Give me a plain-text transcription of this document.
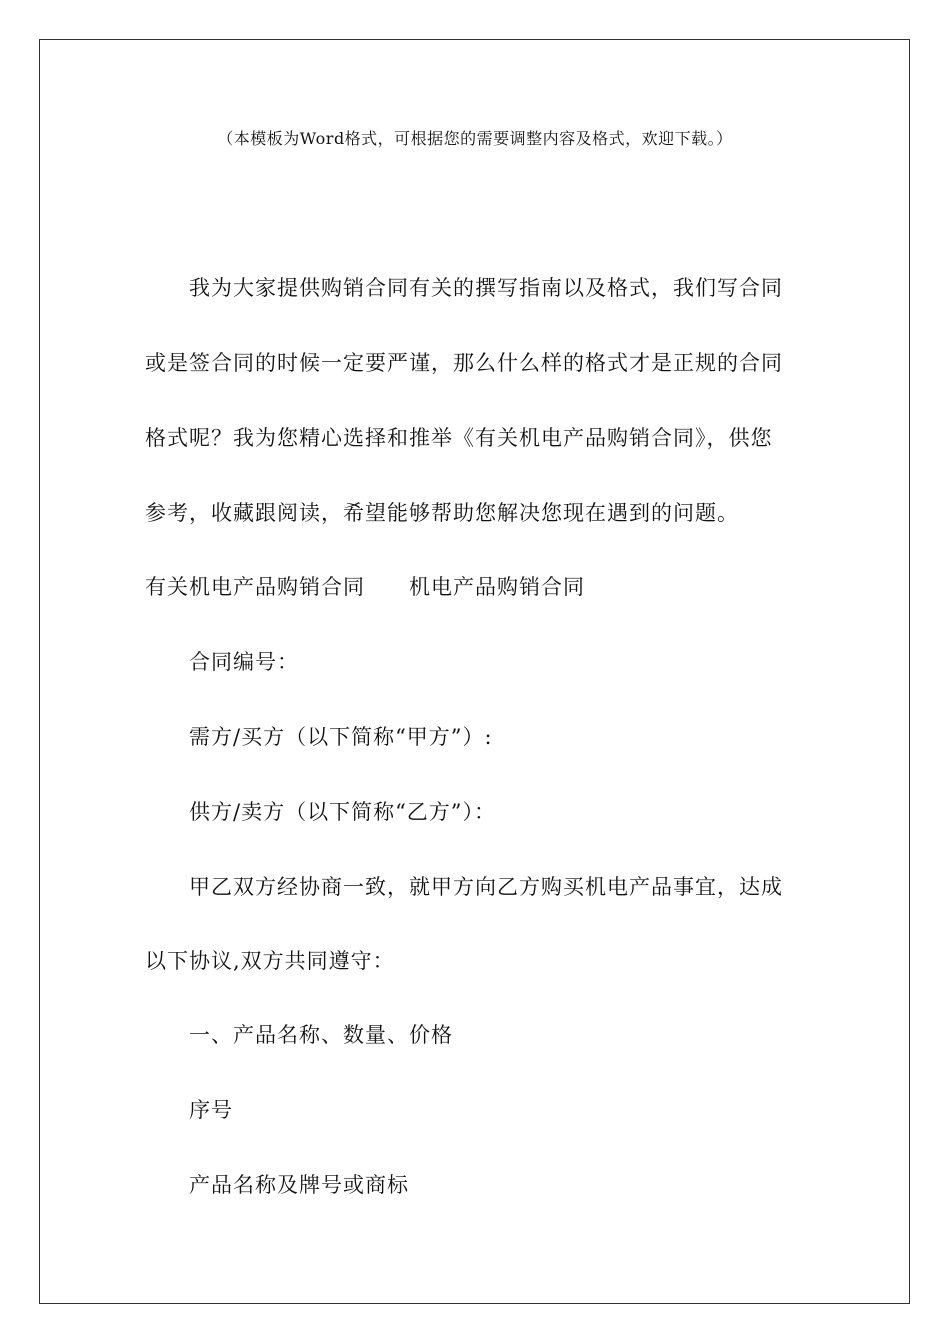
（本模板为Word格式，可根据您的需要调整内容及格式，欢迎下载。）
我为大家提供购销合同有关的撰写指南以及格式，我们写合同
或是签合同的时候一定要严谨，那么什么样的格式才是正规的合同
格式呢？我为您精心选择和推举《有关机电产品购销合同》，供您
参考，收藏跟阅读，希望能够帮助您解决您现在遇到的问题。
有关机电产品购销合同　　机电产品购销合同
合同编号：
需方/买方（以下简称“甲方”）:
供方/卖方（以下简称“乙方”）：
甲乙双方经协商一致，就甲方向乙方购买机电产品事宜，达成
以下协议,双方共同遵守：
一、产品名称、数量、价格
序号
产品名称及牌号或商标
